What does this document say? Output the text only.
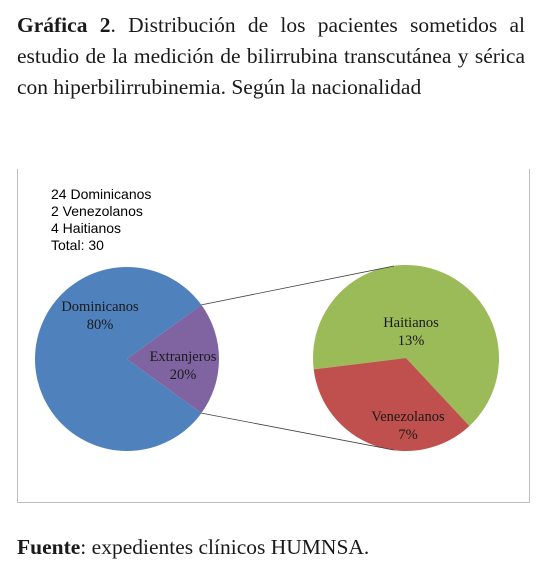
Gráfica 2. Distribución de los pacientes sometidos al estudio de la medición de bilirrubina transcutánea y sérica con hiperbilirrubinemia. Según la nacionalidad
Dominicanos
80%
Extranjeros
20%
Haitianos
13%
Venezolanos
7%
24 Dominicanos
2 Venezolanos
4 Haitianos
Total: 30
Fuente: expedientes clínicos HUMNSA.
